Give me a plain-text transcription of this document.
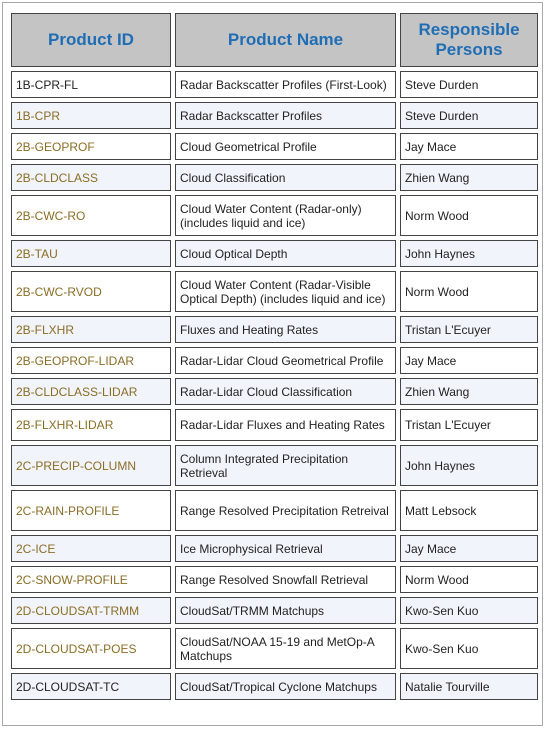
Product ID	Product Name	Responsible Persons
1B-CPR-FL	Radar Backscatter Profiles (First-Look)	Steve Durden
1B-CPR	Radar Backscatter Profiles	Steve Durden
2B-GEOPROF	Cloud Geometrical Profile	Jay Mace
2B-CLDCLASS	Cloud Classification	Zhien Wang
2B-CWC-RO	Cloud Water Content (Radar-only) (includes liquid and ice)	Norm Wood
2B-TAU	Cloud Optical Depth	John Haynes
2B-CWC-RVOD	Cloud Water Content (Radar-Visible Optical Depth) (includes liquid and ice)	Norm Wood
2B-FLXHR	Fluxes and Heating Rates	Tristan L'Ecuyer
2B-GEOPROF-LIDAR	Radar-Lidar Cloud Geometrical Profile	Jay Mace
2B-CLDCLASS-LIDAR	Radar-Lidar Cloud Classification	Zhien Wang
2B-FLXHR-LIDAR	Radar-Lidar Fluxes and Heating Rates	Tristan L'Ecuyer
2C-PRECIP-COLUMN	Column Integrated Precipitation Retrieval	John Haynes
2C-RAIN-PROFILE	Range Resolved Precipitation Retreival	Matt Lebsock
2C-ICE	Ice Microphysical Retrieval	Jay Mace
2C-SNOW-PROFILE	Range Resolved Snowfall Retrieval	Norm Wood
2D-CLOUDSAT-TRMM	CloudSat/TRMM Matchups	Kwo-Sen Kuo
2D-CLOUDSAT-POES	CloudSat/NOAA 15-19 and MetOp-A Matchups	Kwo-Sen Kuo
2D-CLOUDSAT-TC	CloudSat/Tropical Cyclone Matchups	Natalie Tourville
